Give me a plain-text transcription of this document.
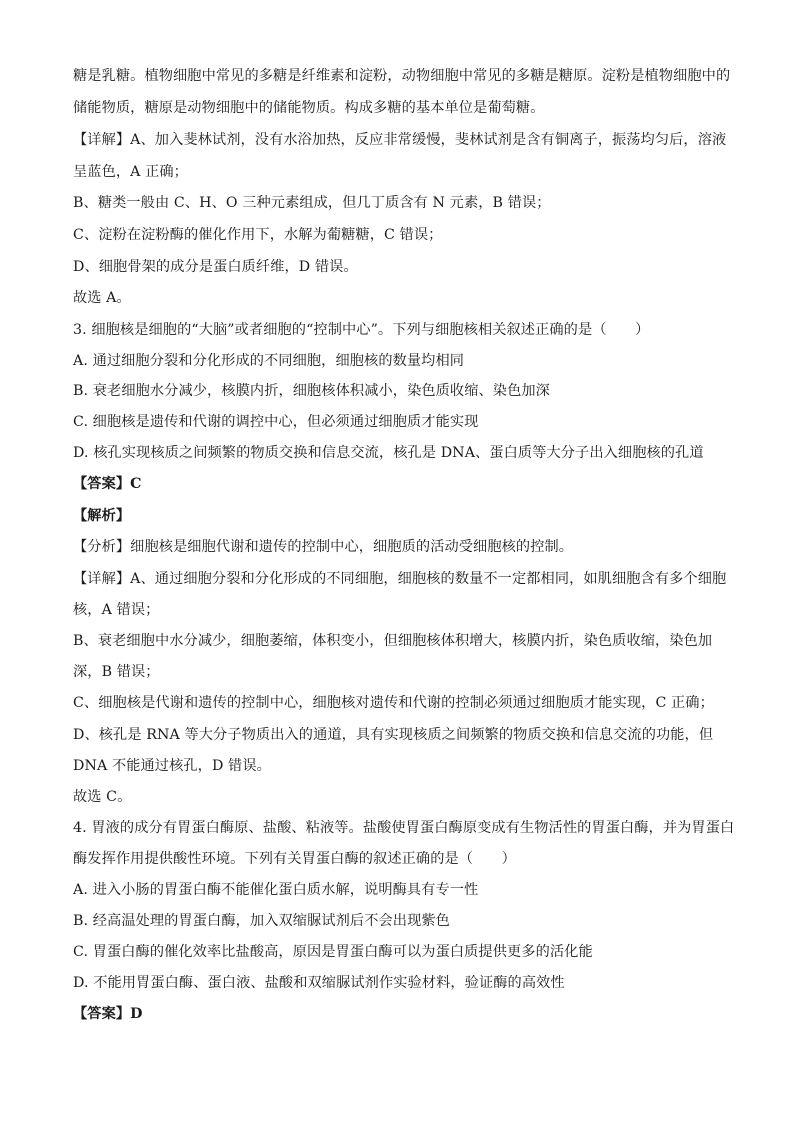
糖是乳糖。植物细胞中常见的多糖是纤维素和淀粉，动物细胞中常见的多糖是糖原。淀粉是植物细胞中的
储能物质，糖原是动物细胞中的储能物质。构成多糖的基本单位是葡萄糖。
【详解】A、加入斐林试剂，没有水浴加热，反应非常缓慢，斐林试剂是含有铜离子，振荡均匀后，溶液
呈蓝色，A 正确；
B、糖类一般由 C、H、O 三种元素组成，但几丁质含有 N 元素，B 错误；
C、淀粉在淀粉酶的催化作用下，水解为葡糖糖，C 错误；
D、细胞骨架的成分是蛋白质纤维，D 错误。
故选 A。
3. 细胞核是细胞的“大脑”或者细胞的“控制中心”。下列与细胞核相关叙述正确的是（　　）
A. 通过细胞分裂和分化形成的不同细胞，细胞核的数量均相同
B. 衰老细胞水分减少，核膜内折，细胞核体积减小，染色质收缩、染色加深
C. 细胞核是遗传和代谢的调控中心，但必须通过细胞质才能实现
D. 核孔实现核质之间频繁的物质交换和信息交流，核孔是 DNA、蛋白质等大分子出入细胞核的孔道
【答案】C
【解析】
【分析】细胞核是细胞代谢和遗传的控制中心，细胞质的活动受细胞核的控制。
【详解】A、通过细胞分裂和分化形成的不同细胞，细胞核的数量不一定都相同，如肌细胞含有多个细胞
核，A 错误；
B、衰老细胞中水分减少，细胞萎缩，体积变小，但细胞核体积增大，核膜内折，染色质收缩，染色加
深，B 错误；
C、细胞核是代谢和遗传的控制中心，细胞核对遗传和代谢的控制必须通过细胞质才能实现，C 正确；
D、核孔是 RNA 等大分子物质出入的通道，具有实现核质之间频繁的物质交换和信息交流的功能，但
DNA 不能通过核孔，D 错误。
故选 C。
4. 胃液的成分有胃蛋白酶原、盐酸、粘液等。盐酸使胃蛋白酶原变成有生物活性的胃蛋白酶，并为胃蛋白
酶发挥作用提供酸性环境。下列有关胃蛋白酶的叙述正确的是（　　）
A. 进入小肠的胃蛋白酶不能催化蛋白质水解，说明酶具有专一性
B. 经高温处理的胃蛋白酶，加入双缩脲试剂后不会出现紫色
C. 胃蛋白酶的催化效率比盐酸高，原因是胃蛋白酶可以为蛋白质提供更多的活化能
D. 不能用胃蛋白酶、蛋白液、盐酸和双缩脲试剂作实验材料，验证酶的高效性
【答案】D
